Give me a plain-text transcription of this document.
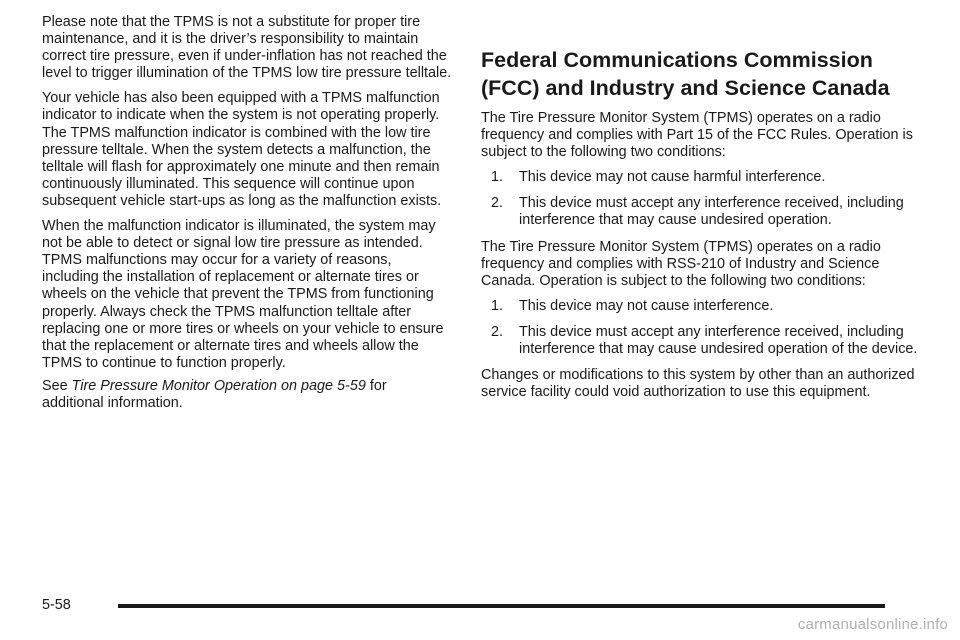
Please note that the TPMS is not a substitute for proper tire maintenance, and it is the driver’s responsibility to maintain correct tire pressure, even if under-inflation has not reached the level to trigger illumination of the TPMS low tire pressure telltale.

Your vehicle has also been equipped with a TPMS malfunction indicator to indicate when the system is not operating properly. The TPMS malfunction indicator is combined with the low tire pressure telltale. When the system detects a malfunction, the telltale will flash for approximately one minute and then remain continuously illuminated. This sequence will continue upon subsequent vehicle start-ups as long as the malfunction exists.

When the malfunction indicator is illuminated, the system may not be able to detect or signal low tire pressure as intended. TPMS malfunctions may occur for a variety of reasons, including the installation of replacement or alternate tires or wheels on the vehicle that prevent the TPMS from functioning properly. Always check the TPMS malfunction telltale after replacing one or more tires or wheels on your vehicle to ensure that the replacement or alternate tires and wheels allow the TPMS to continue to function properly.

See Tire Pressure Monitor Operation on page 5-59 for additional information.

Federal Communications Commission (FCC) and Industry and Science Canada

The Tire Pressure Monitor System (TPMS) operates on a radio frequency and complies with Part 15 of the FCC Rules. Operation is subject to the following two conditions:

1. This device may not cause harmful interference.
2. This device must accept any interference received, including interference that may cause undesired operation.

The Tire Pressure Monitor System (TPMS) operates on a radio frequency and complies with RSS-210 of Industry and Science Canada. Operation is subject to the following two conditions:

1. This device may not cause interference.
2. This device must accept any interference received, including interference that may cause undesired operation of the device.

Changes or modifications to this system by other than an authorized service facility could void authorization to use this equipment.

5-58
carmanualsonline.info
